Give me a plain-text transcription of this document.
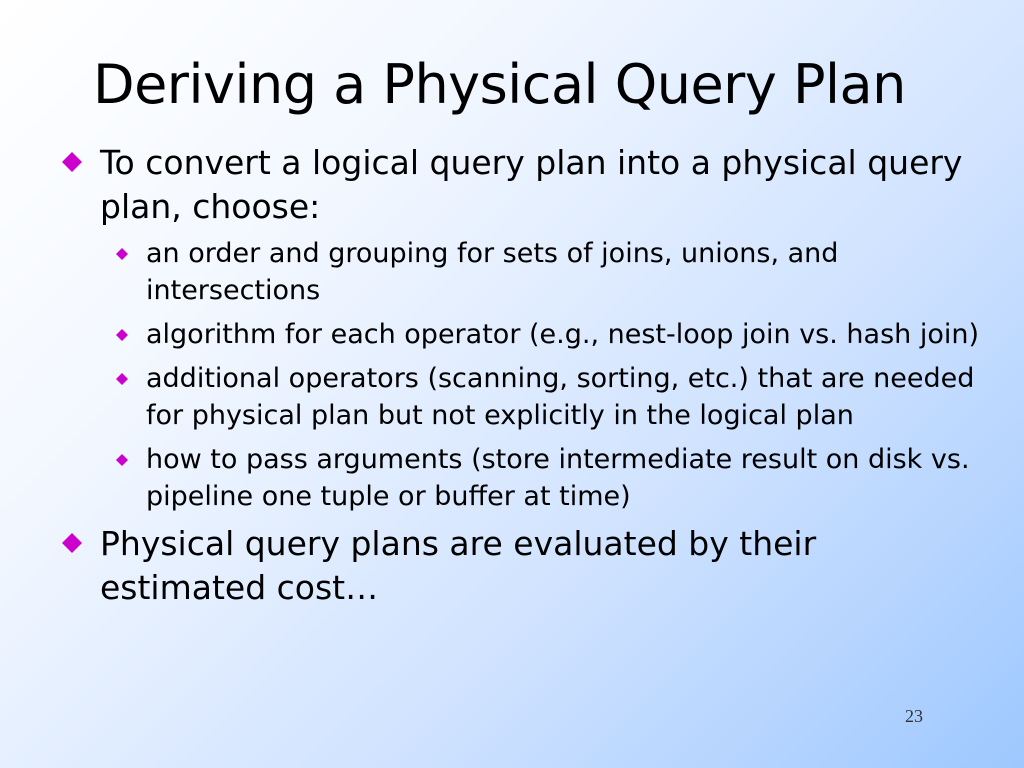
Deriving a Physical Query Plan
To convert a logical query plan into a physical query plan, choose:
an order and grouping for sets of joins, unions, and intersections
algorithm for each operator (e.g., nest-loop join vs. hash join)
additional operators (scanning, sorting, etc.) that are needed for physical plan but not explicitly in the logical plan
how to pass arguments (store intermediate result on disk vs. pipeline one tuple or buffer at time)
Physical query plans are evaluated by their estimated cost…
23
